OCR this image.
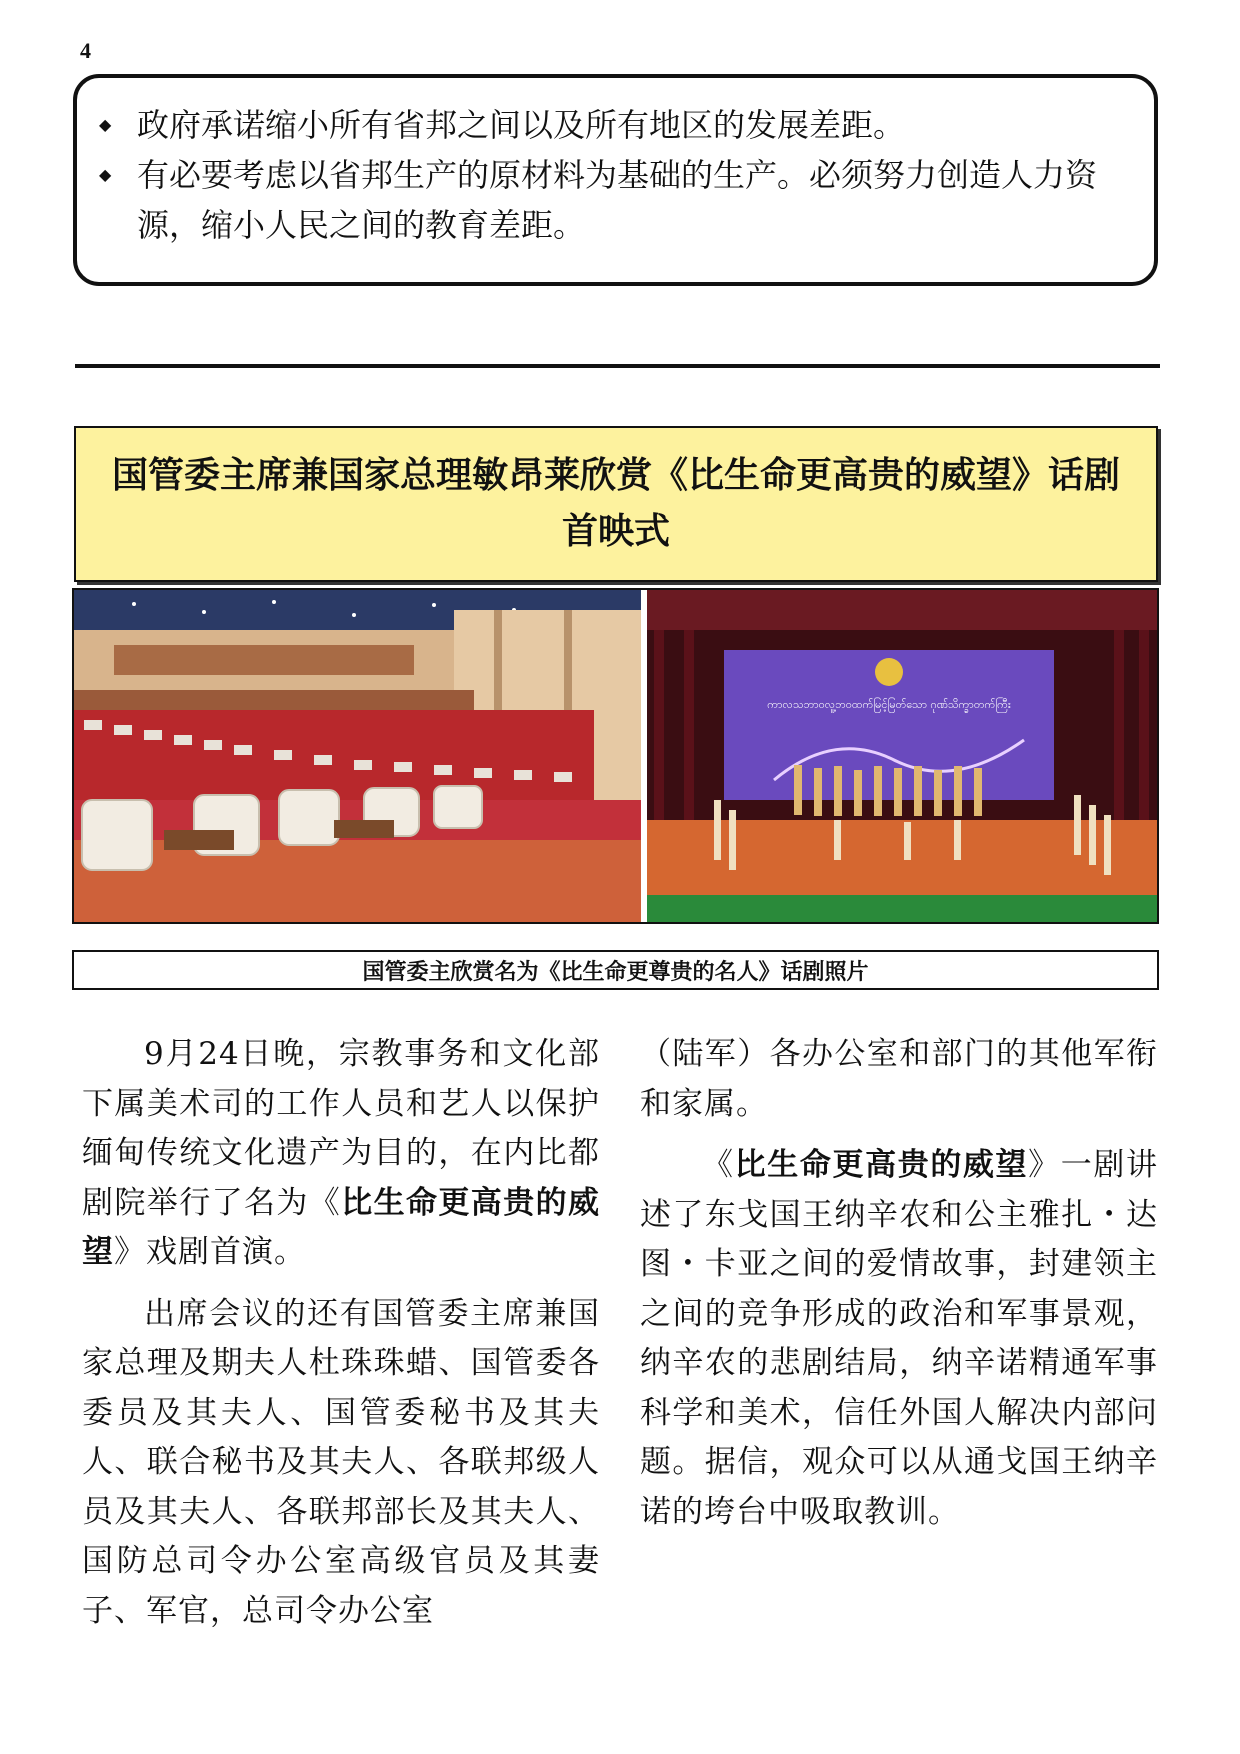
4
◆ 政府承诺缩小所有省邦之间以及所有地区的发展差距。
◆ 有必要考虑以省邦生产的原材料为基础的生产。必须努力创造人力资源，缩小人民之间的教育差距。
国管委主席兼国家总理敏昂莱欣赏《比生命更高贵的威望》话剧首映式
ကာလသဘာဝလူ့ဘဝထက်မြင့်မြတ်သော ဂုဏ်သိက္ခာတက်ကြီး
国管委主欣赏名为《比生命更尊贵的名人》话剧照片

9月24日晚，宗教事务和文化部下属美术司的工作人员和艺人以保护缅甸传统文化遗产为目的，在内比都剧院举行了名为《比生命更高贵的威望》戏剧首演。

出席会议的还有国管委主席兼国家总理及期夫人杜珠珠蜡、国管委各委员及其夫人、国管委秘书及其夫人、联合秘书及其夫人、各联邦级人员及其夫人、各联邦部长及其夫人、国防总司令办公室高级官员及其妻子、军官，总司令办公室

（陆军）各办公室和部门的其他军衔和家属。

《比生命更高贵的威望》一剧讲述了东戈国王纳辛农和公主雅扎・达图・卡亚之间的爱情故事，封建领主之间的竞争形成的政治和军事景观，纳辛农的悲剧结局，纳辛诺精通军事科学和美术，信任外国人解决内部问题。据信，观众可以从通戈国王纳辛诺的垮台中吸取教训。
